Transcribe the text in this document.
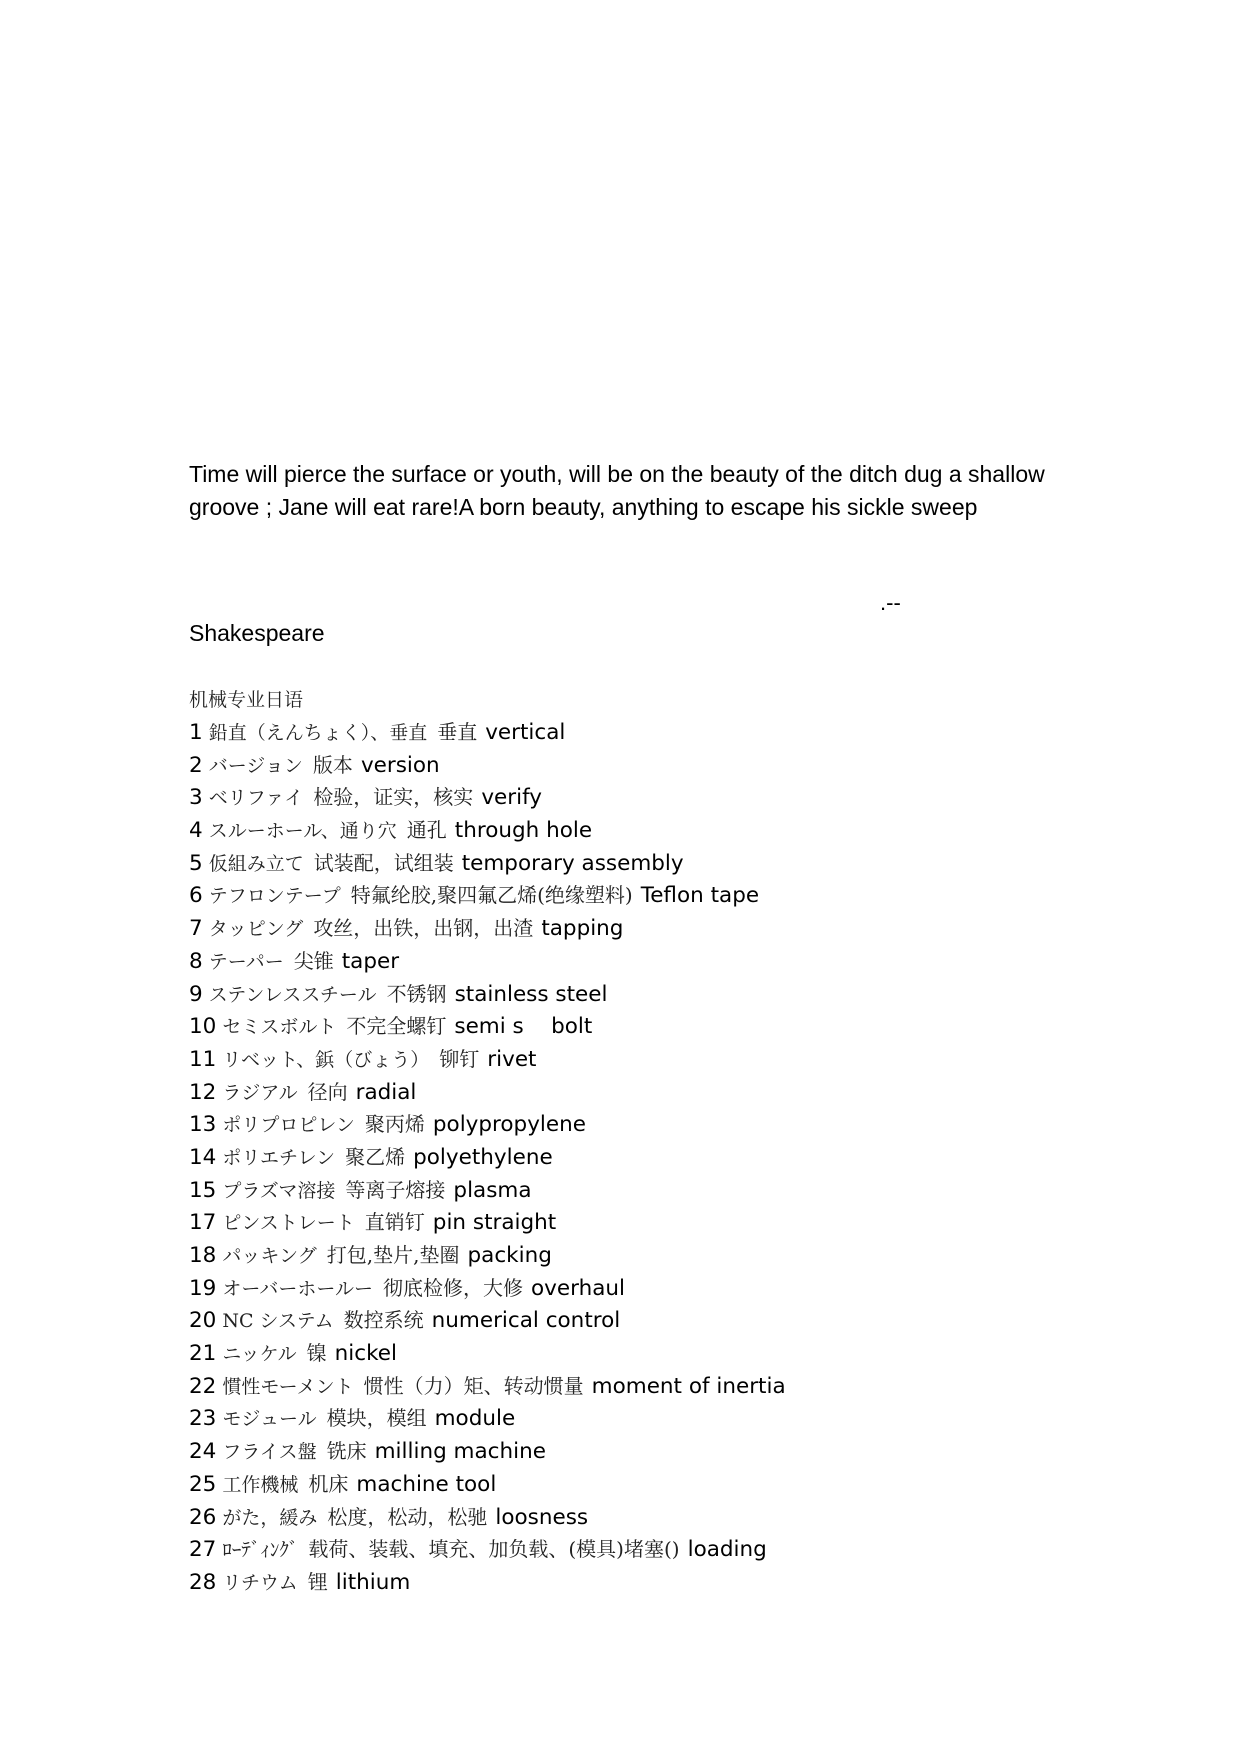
Time will pierce the surface or youth, will be on the beauty of the ditch dug a shallow groove ; Jane will eat rare!A born beauty, anything to escape his sickle sweep

.--
Shakespeare
机械专业日语
1 鉛直（えんちょく）、垂直 垂直 vertical
2 バージョン 版本 version
3 ベリファイ 检验，证实，核实 verify
4 スルーホール、通り穴 通孔 through hole
5 仮組み立て 试装配，试组装 temporary assembly
6 テフロンテープ 特氟纶胶,聚四氟乙烯(绝缘塑料) Teflon tape
7 タッピング 攻丝，出铁，出钢，出渣 tapping
8 テーパー 尖锥 taper
9 ステンレススチール 不锈钢 stainless steel
10 セミスボルト 不完全螺钉 semi s    bolt
11 リベット、鋲（びょう） 铆钉 rivet
12 ラジアル 径向 radial
13 ポリプロピレン 聚丙烯 polypropylene
14 ポリエチレン 聚乙烯 polyethylene
15 プラズマ溶接 等离子熔接 plasma
17 ピンストレート 直销钉 pin straight
18 パッキング 打包,垫片,垫圈 packing
19 オーバーホールー 彻底检修，大修 overhaul
20 NC システム 数控系统 numerical control
21 ニッケル 镍 nickel
22 慣性モーメント 惯性（力）矩、转动惯量 moment of inertia
23 モジュール 模块，模组 module
24 フライス盤 铣床 milling machine
25 工作機械 机床 machine tool
26 がた，緩み 松度，松动，松驰 loosness
27 ﾛｰﾃﾞｨﾝｸﾞ 载荷、装载、填充、加负载、(模具)堵塞() loading
28 リチウム 锂 lithium
